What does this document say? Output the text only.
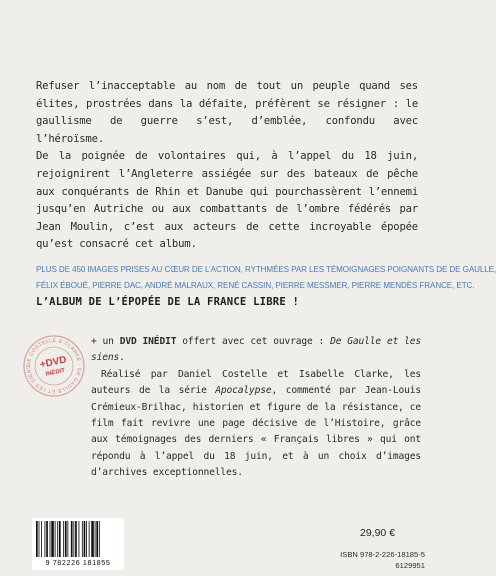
Refuser l’inacceptable au nom de tout un peuple quand ses élites, prostrées dans la défaite, préfèrent se résigner : le gaullisme de guerre s’est, d’emblée, confondu avec l’héroïsme.

De la poignée de volontaires qui, à l’appel du 18 juin, rejoignirent l’Angleterre assiégée sur des bateaux de pêche aux conquérants de Rhin et Danube qui pourchassèrent l’ennemi jusqu’en Autriche ou aux combattants de l’ombre fédérés par Jean Moulin, c’est aux acteurs de cette incroyable épopée qu’est consacré cet album.

PLUS DE 450 IMAGES PRISES AU CŒUR DE L’ACTION, RYTHMÉES PAR LES TÉMOIGNAGES POIGNANTS DE DE GAULLE,
FÉLIX ÉBOUÉ, PIERRE DAC, ANDRÉ MALRAUX, RENÉ CASSIN, PIERRE MESSMER, PIERRE MENDÈS FRANCE, ETC.
L’ALBUM DE L’ÉPOPÉE DE LA FRANCE LIBRE !
DE COSTELLE & CLARKE · DE GAULLE ET LES SIENS +DVD
INÉDIT

+ un DVD INÉDIT offert avec cet ouvrage : De Gaulle et les siens.

Réalisé par Daniel Costelle et Isabelle Clarke, les auteurs de la série Apocalypse, commenté par Jean-Louis Crémieux-Brilhac, historien et figure de la résistance, ce film fait revivre une page décisive de l’Histoire, grâce aux témoignages des derniers « Français libres » qui ont répondu à l’appel du 18 juin, et à un choix d’images d’archives exceptionnelles.

9 782226 181855
29,90 €
ISBN 978-2-226-18185-5
6129951
